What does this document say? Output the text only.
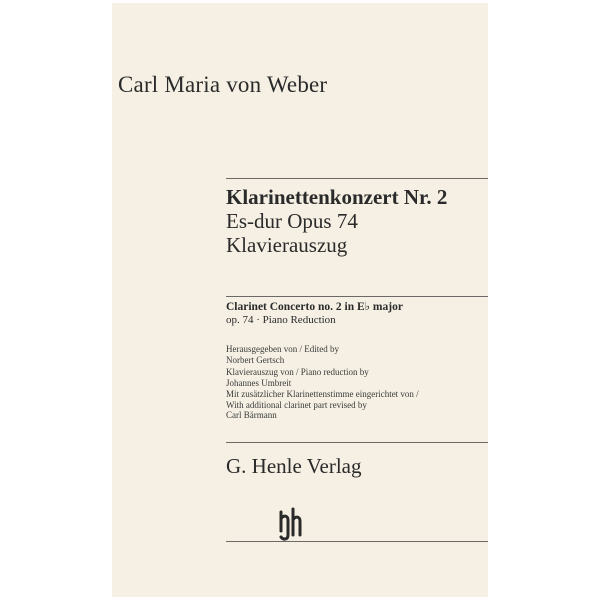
Carl Maria von Weber
Klarinettenkonzert Nr. 2
Es-dur Opus 74
Klavierauszug
Clarinet Concerto no. 2 in E♭ major
op. 74 · Piano Reduction
Herausgegeben von / Edited by
Norbert Gertsch
Klavierauszug von / Piano reduction by
Johannes Umbreit
Mit zusätzlicher Klarinettenstimme eingerichtet von /
With additional clarinet part revised by
Carl Bärmann
G. Henle Verlag
